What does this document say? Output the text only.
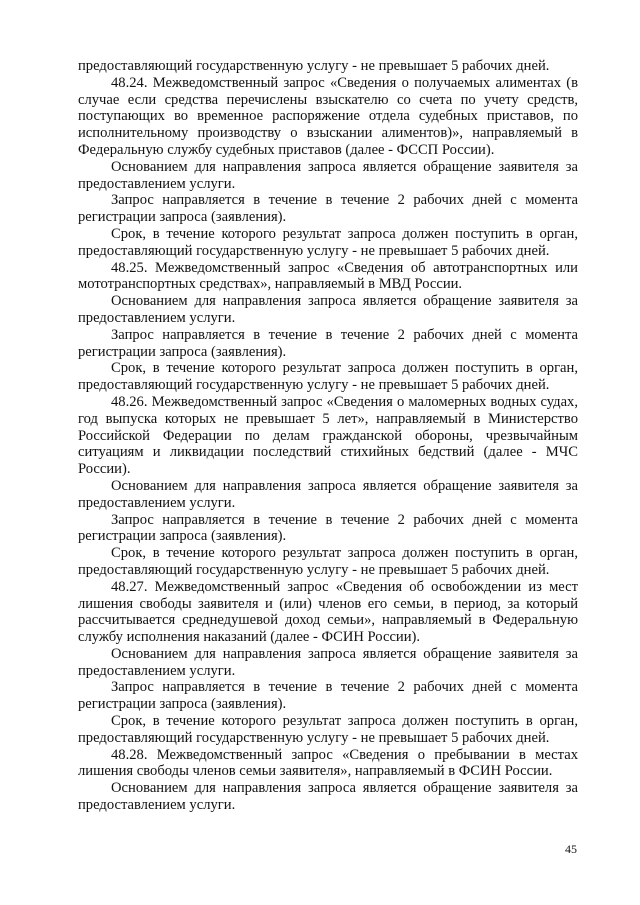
предоставляющий государственную услугу - не превышает 5 рабочих дней.

48.24. Межведомственный запрос «Сведения о получаемых алиментах (в случае если средства перечислены взыскателю со счета по учету средств, поступающих во временное распоряжение отдела судебных приставов, по исполнительному производству о взыскании алиментов)», направляемый в Федеральную службу судебных приставов (далее - ФССП России).

Основанием для направления запроса является обращение заявителя за предоставлением услуги.

Запрос направляется в течение в течение 2 рабочих дней с момента регистрации запроса (заявления).

Срок, в течение которого результат запроса должен поступить в орган, предоставляющий государственную услугу - не превышает 5 рабочих дней.

48.25. Межведомственный запрос «Сведения об автотранспортных или мототранспортных средствах», направляемый в МВД России.

Основанием для направления запроса является обращение заявителя за предоставлением услуги.

Запрос направляется в течение в течение 2 рабочих дней с момента регистрации запроса (заявления).

Срок, в течение которого результат запроса должен поступить в орган, предоставляющий государственную услугу - не превышает 5 рабочих дней.

48.26. Межведомственный запрос «Сведения о маломерных водных судах, год выпуска которых не превышает 5 лет», направляемый в Министерство Российской Федерации по делам гражданской обороны, чрезвычайным ситуациям и ликвидации последствий стихийных бедствий (далее - МЧС России).

Основанием для направления запроса является обращение заявителя за предоставлением услуги.

Запрос направляется в течение в течение 2 рабочих дней с момента регистрации запроса (заявления).

Срок, в течение которого результат запроса должен поступить в орган, предоставляющий государственную услугу - не превышает 5 рабочих дней.

48.27. Межведомственный запрос «Сведения об освобождении из мест лишения свободы заявителя и (или) членов его семьи, в период, за который рассчитывается среднедушевой доход семьи», направляемый в Федеральную службу исполнения наказаний (далее - ФСИН России).

Основанием для направления запроса является обращение заявителя за предоставлением услуги.

Запрос направляется в течение в течение 2 рабочих дней с момента регистрации запроса (заявления).

Срок, в течение которого результат запроса должен поступить в орган, предоставляющий государственную услугу - не превышает 5 рабочих дней.

48.28. Межведомственный запрос «Сведения о пребывании в местах лишения свободы членов семьи заявителя», направляемый в ФСИН России.

Основанием для направления запроса является обращение заявителя за предоставлением услуги.

45
